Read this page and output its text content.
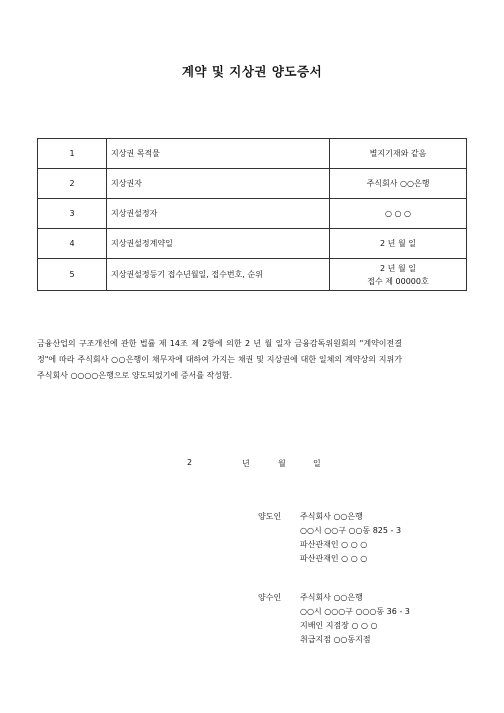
계약 및 지상권 양도증서
1	지상권 목적물	별지기재와 같음
2	지상권자	주식회사 ○○은행
3	지상권설정자	○ ○ ○
4	지상권설정계약일	2 년 월 일
5	지상권설정등기 접수년월일, 접수번호, 순위	2 년 월 일
접수 제 00000호
금융산업의 구조개선에 관한 법률 제 14조 제 2항에 의한 2 년 월 일자 금융감독위원회의 "계약이전결정"에 따라 주식회사 ○○은행이 채무자에 대하여 가지는 채권 및 지상권에 대한 일체의 계약상의 지위가 주식회사 ○○○○은행으로 양도되었기에 증서를 작성함.
2	년	월	일
양도인 주식회사 ○○은행
○○시 ○○구 ○○동 825 - 3
파산관재인 ○ ○ ○
파산관재인 ○ ○ ○
양수인 주식회사 ○○은행
○○시 ○○○구 ○○○동 36 - 3
지배인 지점장 ○ ○ ○
취급지점 ○○동지점
